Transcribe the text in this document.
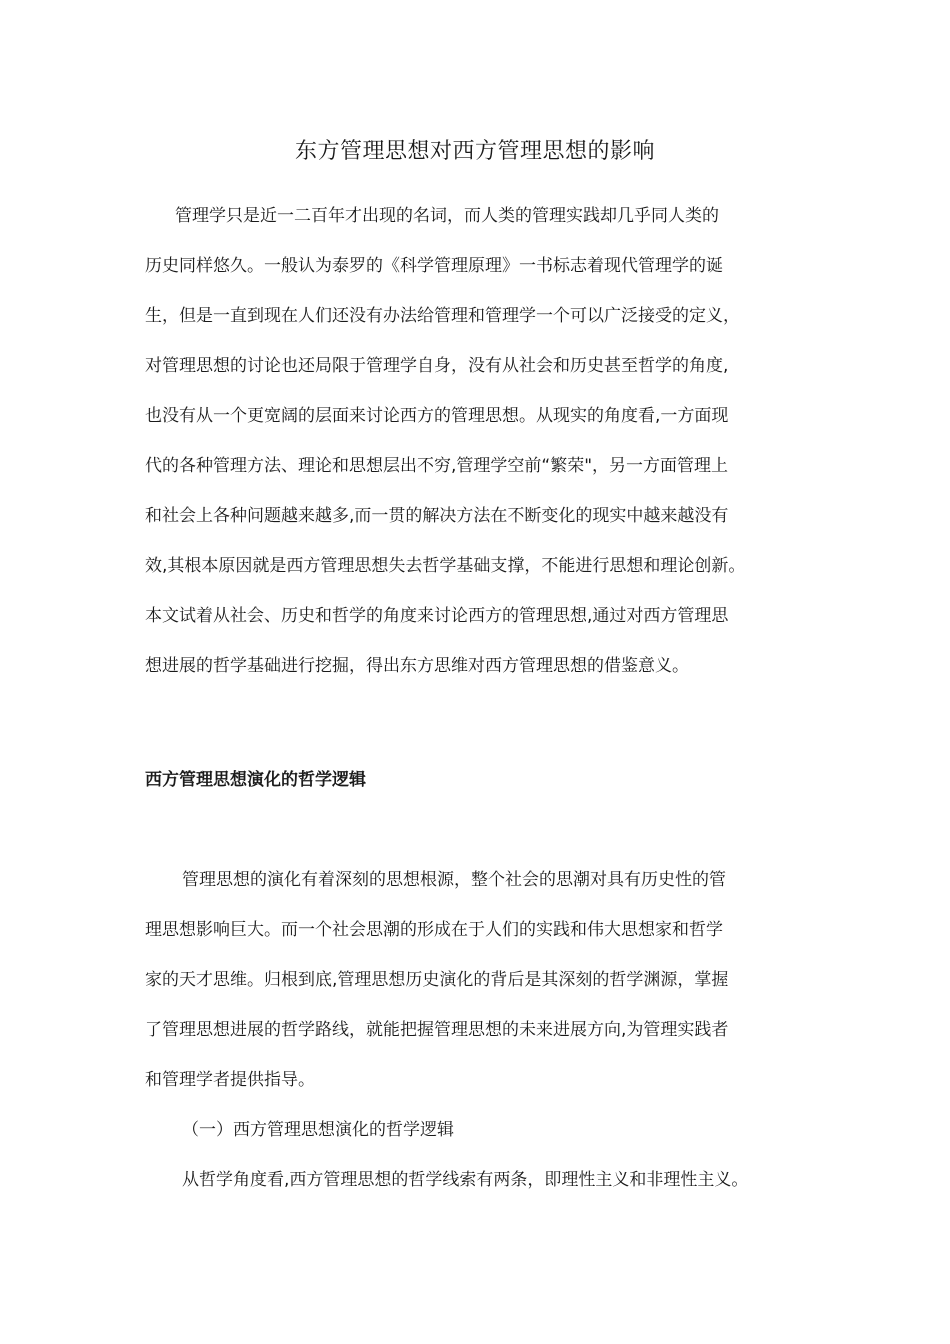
东方管理思想对西方管理思想的影响
管理学只是近一二百年才出现的名词，而人类的管理实践却几乎同人类的
历史同样悠久。一般认为泰罗的《科学管理原理》一书标志着现代管理学的诞
生，但是一直到现在人们还没有办法给管理和管理学一个可以广泛接受的定义，
对管理思想的讨论也还局限于管理学自身，没有从社会和历史甚至哲学的角度,
也没有从一个更宽阔的层面来讨论西方的管理思想。从现实的角度看,一方面现
代的各种管理方法、理论和思想层出不穷,管理学空前“繁荣"，另一方面管理上
和社会上各种问题越来越多,而一贯的解决方法在不断变化的现实中越来越没有
效,其根本原因就是西方管理思想失去哲学基础支撑，不能进行思想和理论创新。
本文试着从社会、历史和哲学的角度来讨论西方的管理思想,通过对西方管理思
想进展的哲学基础进行挖掘，得出东方思维对西方管理思想的借鉴意义。
西方管理思想演化的哲学逻辑
管理思想的演化有着深刻的思想根源，整个社会的思潮对具有历史性的管
理思想影响巨大。而一个社会思潮的形成在于人们的实践和伟大思想家和哲学
家的天才思维。归根到底,管理思想历史演化的背后是其深刻的哲学渊源，掌握
了管理思想进展的哲学路线，就能把握管理思想的未来进展方向,为管理实践者
和管理学者提供指导。
（一）西方管理思想演化的哲学逻辑
从哲学角度看,西方管理思想的哲学线索有两条，即理性主义和非理性主义。
